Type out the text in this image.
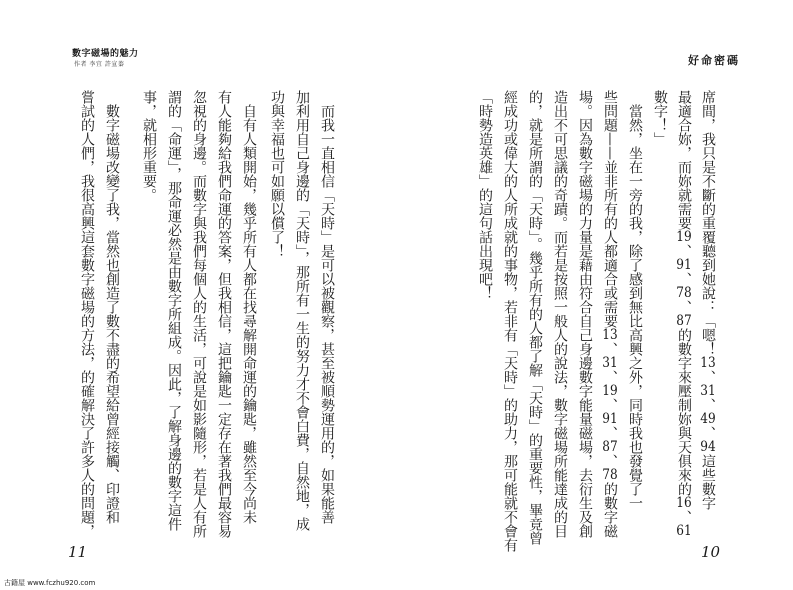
數字磁場的魅力
作者 李宜 許宣蓁
而我一直相信「天時」是可以被觀察，甚至被順勢運用的，如果能善
加利用自己身邊的「天時」，那所有一生的努力才不會白費，自然地，成
功與幸福也可如願以償了！
自有人類開始，幾乎所有人都在找尋解開命運的鑰匙，雖然至今尚未
有人能夠給我們命運的答案，但我相信，這把鑰匙一定存在著我們最容易
忽視的身邊。而數字與我們每個人的生活，可說是如影隨形，若是人有所
謂的「命運」，那命運必然是由數字所組成。因此，了解身邊的數字這件
事，就相形重要。
數字磁場改變了我，當然也創造了數不盡的希望給曾經接觸、印證和
嘗試的人們，我很高興這套數字磁場的方法，的確解決了許多人的問題，
11
好命密碼
席間，我只是不斷的重覆聽到她說：「嗯！13、31、49、94這些數字
最適合妳，而妳就需要19、91、78、87的數字來壓制妳與天俱來的16、61
數字！」
當然，坐在一旁的我，除了感到無比高興之外，同時我也發覺了一
些問題——並非所有的人都適合或需要13、31、19、91、87、78的數字磁
場。因為數字磁場的力量是藉由符合自己身邊數字能量磁場，去衍生及創
造出不可思議的奇蹟。而若是按照一般人的說法，數字磁場所能達成的目
的，就是所謂的「天時」。幾乎所有的人都了解「天時」的重要性，畢竟曾
經成功或偉大的人所成就的事物，若非有「天時」的助力，那可能就不會有
「時勢造英雄」的這句話出現吧！
10
古籍屋 www.fczhu920.com
